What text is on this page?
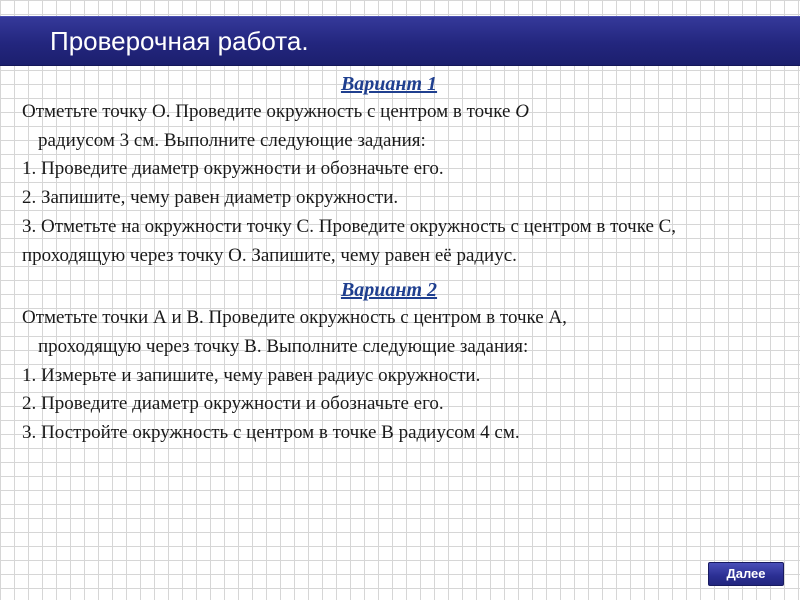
Проверочная работа.
Вариант 1
Отметьте точку О. Проведите окружность с центром в точке О
радиусом 3 см. Выполните следующие задания:
1. Проведите диаметр окружности и обозначьте его.
2. Запишите, чему равен диаметр окружности.
3. Отметьте на окружности точку С. Проведите окружность с центром в точке С, проходящую через точку О. Запишите, чему равен её радиус.
Вариант 2
Отметьте точки А и В. Проведите окружность с центром в точке А,
проходящую через точку В. Выполните следующие задания:
1. Измерьте и запишите, чему равен радиус окружности.
2. Проведите диаметр окружности и обозначьте его.
3. Постройте окружность с центром в точке В радиусом 4 см.
Далее
